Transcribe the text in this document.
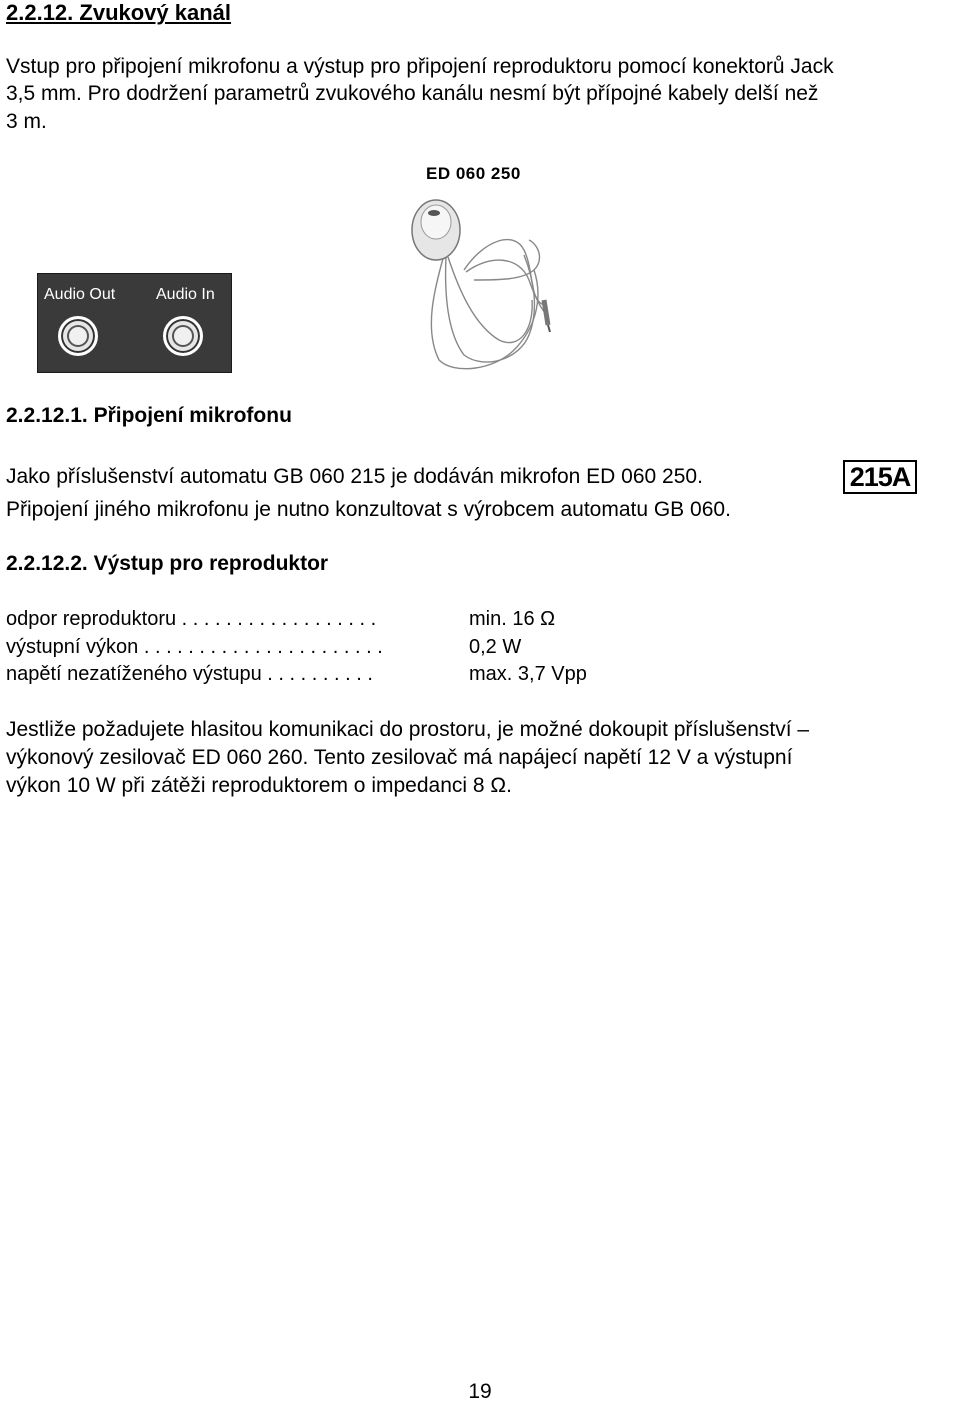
2.2.12. Zvukový kanál
Vstup pro připojení mikrofonu a výstup pro připojení reproduktoru pomocí konektorů Jack
3,5 mm. Pro dodržení parametrů zvukového kanálu nesmí být přípojné kabely delší než
3 m.
Audio Out	Audio In
ED 060 250
2.2.12.1. Připojení mikrofonu
Jako příslušenství automatu GB 060 215 je dodáván mikrofon ED 060 250.
Připojení jiného mikrofonu je nutno konzultovat s výrobcem automatu GB 060.
215A
2.2.12.2. Výstup pro reproduktor
odpor reproduktoru . . . . . . . . . . . . . . . . . .	min. 16 Ω
výstupní výkon . . . . . . . . . . . . . . . . . . . . . .	0,2 W
napětí nezatíženého výstupu . . . . . . . . . .	max. 3,7 Vpp
Jestliže požadujete hlasitou komunikaci do prostoru, je možné dokoupit příslušenství –
výkonový zesilovač ED 060 260. Tento zesilovač má napájecí napětí 12 V a výstupní
výkon 10 W při zátěži reproduktorem o impedanci 8 Ω.
19
